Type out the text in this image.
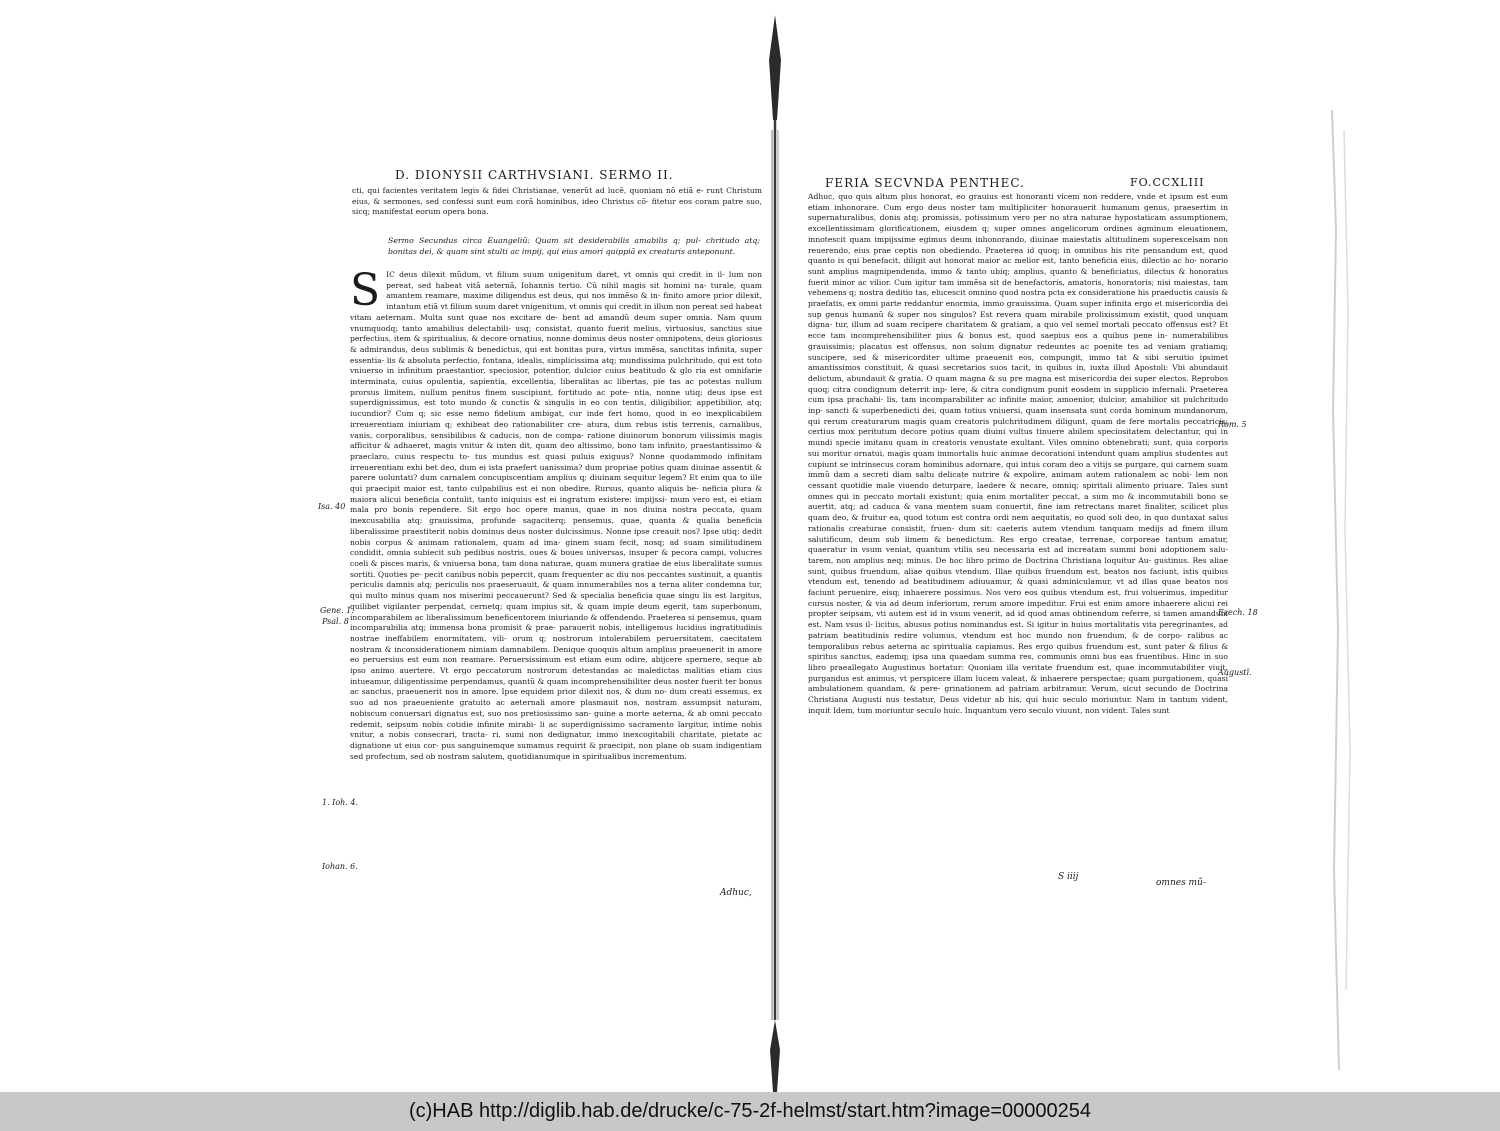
D. DIONYSII CARTHVSIANI. SERMO II.

cti, qui facientes veritatem legis & fidei Christianae, venerũt ad lucẽ, quoniam nõ etiã e- runt Christum eius, & sermones, sed confessi sunt eum corã hominibus, ideo Christus cõ- fitetur eos coram patre suo, sicq; manifestat eorum opera bona.

Sermo Secundus circa Euangeliũ: Quam sit desiderabilis amabilis q; pul- chritudo atq; bonitas dei, & quam sint stulti ac impij, qui eius amori quippiã ex creaturis anteponunt.

S IC deus dilexit mũdum, vt filium suum unigenitum daret, vt omnis qui credit in il- lum non pereat, sed habeat vitã aeternã, Iohannis tertio. Cũ nihil magis sit homini na- turale, quam amantem reamare, maxime diligendus est deus, qui nos immẽso & in- finito amore prior dilexit, intantum etiã vt filium suum daret vnigenitum, vt omnis qui credit in illum non pereat sed habeat vitam aeternam. Multa sunt quae nos excitare de- bent ad amandũ deum super omnia. Nam quum vnumquodq; tanto amabilius delectabili- usq; consistat, quanto fuerit melius, virtuosius, sanctius siue perfectius, item & spiritualius, & decore ornatius, nonne dominus deus noster omnipotens, deus gloriosus & admirandus, deus sublimis & benedictus, qui est bonitas pura, virtus immẽsa, sanctitas infinita, super essentia- lis & absoluta perfectio, fontana, idealis, simplicissima atq; mundissima pulchritudo, qui est toto vniuerso in infinitum praestantior, speciosior, potentior, dulcior cuius beatitudo & glo ria est omnifarie interminata, cuius opulentia, sapientia, excellentia, liberalitas ac libertas, pie tas ac potestas nullum prorsus limitem, nullum penitus finem suscipiunt, fortitudo ac pote- ntia, nonne utiq; deus ipse est superdignissimus, est toto mundo & cunctis & singulis in eo con tentis, diligibilior, appetibilior, atq; iucundior? Cum q; sic esse nemo fidelium ambigat, cur inde fert homo, quod in eo inexplicabilem irreuerentiam iniuriam q; exhibeat deo rationabiliter cre- atura, dum rebus istis terrenis, carnalibus, vanis, corporalibus, sensibilibus & caducis, non de compa- ratione diuinorum bonorum vilissimis magis afficitur & adhaeret, magis vnitur & inten dit, quam deo altissimo, bono tam infinito, praestantissimo & praeclaro, cuius respectu to- tus mundus est quasi puluis exiguus? Nonne quodammodo infinitam irreuerentiam exhi bet deo, dum ei ista praefert uanissima? dum propriae potius quam diuinae assentit & parere uoluntati? dum carnalem concupiscentiam amplius q; diuinam sequitur legem? Et enim qua to ille qui praecipit maior est, tanto culpabilius est ei non obedire. Rursus, quanto aliquis be- neficia plura & maiora alicui beneficia contulit, tanto iniquius est ei ingratum existere: impijssi- mum vero est, ei etiam mala pro bonis rependere. Sit ergo hoc opere manus, quae in nos diuina nostra peccata, quam inexcusabilia atq; grauissima, profunde sagaciterq; pensemus, quae, quanta & qualia beneficia liberalissime praestiterit nobis dominus deus noster dulcissimus. Nonne ipse creauit nos? Ipse utiq; dedit nobis corpus & animam rationalem, quam ad ima- ginem suam fecit, nosq; ad suam similitudinem condidit, omnia subiecit sub pedibus nostris, oues & boues universas, insuper & pecora campi, volucres coeli & pisces maris, & vniuersa bona, tam dona naturae, quam munera gratiae de eius liberalitate sumus sortiti. Quoties pe- pecit canibus nobis pepercit, quam frequenter ac diu nos peccantes sustinuit, a quantis periculis damnis atq; periculis nos praeseruauit, & quam innumerabiles nos a terna aliter condemna tur, qui multo minus quam nos miserimi peccauerunt? Sed & specialia beneficia quae singu lis est largitus, quilibet vigilanter perpendat, cernetq; quam impius sit, & quam impie deum egerit, tam superbonum, incomparabilem ac liberalissimum beneficentorem iniuriando & offendendo. Praeterea si pensemus, quam incomparabilia atq; immensa bona promisit & prae- parauerit nobis, intelligemus lucidius ingratitudinis nostrae ineffabilem enormitatem, vili- orum q; nostrorum intolerabilem peruersitatem, caecitatem nostram & inconsiderationem nimiam damnabilem. Denique quoquis altum amplius praeuenerit in amore eo peruersius est eum non reamare. Peruersissimum est etiam eum odire, abijcere spernere, seque ab ipso animo auertere. Vt ergo peccatorum nostrorum detestandas ac maledictas malitias etiam cius intueamur, diligentissime perpendamus, quantũ & quam incomprehensibiliter deus noster fuerit ter bonus ac sanctus, praeuenerit nos in amore. Ipse equidem prior dilexit nos, & dum no- dum creati essemus, ex suo ad nos praeueniente gratuito ac aeternali amore plasmauit nos, nostram assumpsit naturam, nobiscum conuersari dignatus est, suo nos pretiosissimo san- guine a morte aeterna, & ab omni peccato redemit, seipsum nobis cotidie infinite mirabi- li ac superdignissimo sacramento largitur, intime nobis vnitur, a nobis consecrari, tracta- ri, sumi non dedignatur, immo inexcogitabili charitate, pietate ac dignatione ut eius cor- pus sanguinemque sumamus requirit & praecipit, non plane ob suam indigentiam sed profectum, sed ob nostram salutem, quotidianumque in spiritualibus incrementum.

Isa. 40
Gene. 1.
Psal. 8
1. Ioh. 4.
Iohan. 6.
Adhuc,
FERIA SECVNDA PENTHEC.	FO.CCXLIII

Adhuc, quo quis altum plus honorat, eo grauius est honoranti vicem non reddere, vnde et ipsum est eum etiam inhonorare. Cum ergo deus noster tam multipliciter honorauerit humanum genus, praesertim in supernaturalibus, donis atq; promissis, potissimum vero per no stra naturae hypostaticam assumptionem, excellentissimam glorificationem, eiusdem q; super omnes angelicorum ordines agminum eleuationem, innotescit quam impijssime egimus deum inhonorando, diuinae maiestatis altitudinem superexcelsam non reuerendo, eius prae ceptis non obediendo. Praeterea id quoq; in omnibus his rite pensandum est, quod quanto is qui benefacit, diligit aut honorat maior ac melior est, tanto beneficia eius, dilectio ac ho- norario sunt amplius magnipendenda, immo & tanto ubiq; amplius, quanto & beneficiatus, dilectus & honoratus fuerit minor ac vilior. Cum igitur tam immẽsa sit de benefactoris, amatoris, honoratoris; nisi maiestas, tam vehemens q; nostra deditio tas, elucescit omnino quod nostra pcta ex consideratione his praeductis causis & praefatis, ex omni parte reddantur enormia, immo grauissima. Quam super infinita ergo et misericordia dei sup genus humanũ & super nos singulos? Est revera quam mirabile prolixissimum existit, quod unquam digna- tur, illum ad suam recipere charitatem & gratiam, a quo vel semel mortali peccato offensus est? Et ecce tam incomprehensibiliter pius & bonus est, quod saepius eos a quibus pene in- numerabilibus grauissimis; placatus est offensus, non solum dignatur redeuntes ac poenite tes ad veniam gratiamq; suscipere, sed & misericorditer ultime praeuenit eos, compungit, immo tat & sibi seruitio ipsimet amantissimos constituit, & quasi secretarios suos tacit, in quibus in, iuxta illud Apostoli: Vbi abundauit delictum, abundauit & gratia. O quam magna & su pre magna est misericordia dei super electos. Reprobos quoq; citra condignum deterrit inp- lere, & citra condignum punit eosdem in supplicio infernali. Praeterea cum ipsa prachabi- lis, tam incomparabiliter ac infinite maior, amoenior, dulcior, amabilior sit pulchritudo inp- sancti & superbenedicti dei, quam totius vniuersi, quam insensata sunt corda hominum mundanorum, qui rerum creaturarum magis quam creatoris pulchritudinem diligunt, quam de fere mortalis peccatricis; certius mox peritutum decore potius quam diuini vultus tinuere abilem speciositatem delectantur, qui in mundi specie imitanu quam in creatoris venustate exultant. Viles omnino obtenebrati; sunt, quia corporis sui moritur ornatui, magis quam immortalis huic animae decorationi intendunt quam amplius studentes aut cupiunt se intrinsecus coram hominibus adornare, qui intus coram deo a vitijs se purgare, qui carnem suam immũ dam a secreti diam saltu delicate nutrire & expolire, animam autem rationalem ac nobi- lem non cessant quotidie male viuendo deturpare, laedere & necare, omniq; spiritali alimento priuare. Tales sunt omnes qui in peccato mortali existunt; quia enim mortaliter peccat, a sum mo & incommutabili bono se auertit, atq; ad caduca & vana mentem suam conuertit, fine iam retrectans maret finaliter, scilicet plus quam deo, & fruitur ea, quod totum est contra ordi nem aequitatis, eo quod soli deo, in quo duntaxat salus rationalis creaturae consistit, fruen- dum sit: caeteris autem vtendum tanquam medijs ad finem illum salutificum, deum sub limem & benedictum. Res ergo creatae, terrenae, corporeae tantum amatur, quaeratur in vsum veniat, quantum vtilis seu necessaria est ad increatam summi boni adoptionem salu- tarem, non amplius neq; minus. De hoc libro primo de Doctrina Christiana loquitur Au- gustinus. Res aliae sunt, quibus fruendum, aliae quibus vtendum. Illae quibus fruendum est, beatos nos faciunt, istis quibus vtendum est, tenendo ad beatitudinem adiuuamur, & quasi adminiculamur, vt ad illas quae beatos nos faciunt peruenire, eisq; inhaerere possimus. Nos vero eos quibus vtendum est, frui voluerimus, impeditur cursus noster, & via ad deum inferiorum, rerum amore impeditur. Frui est enim amore inhaerere alicui rei propter seipsam, vti autem est id in vsum venerit, ad id quod amas obtinendum referre, si tamen amandum est. Nam vsus il- licitus, abusus potius nominandus est. Si igitur in huius mortalitatis vita peregrinantes, ad patriam beatitudinis redire volumus, vtendum est hoc mundo non fruendum, & de corpo- ralibus ac temporalibus rebus aeterna ac spiritualia capiamus. Res ergo quibus fruendum est, sunt pater & filius & spiritus sanctus, eademq; ipsa una quaedam summa res, communis omni bus eas fruentibus. Hinc in suo libro praeallegato Augustinus hortatur: Quoniam illa veritate fruendum est, quae incommutabiliter viuit, purgandus est animus, vt perspicere illam lucem valeat, & inhaerere perspectae; quam purgationem, quasi ambulationem quandam, & pere- grinationem ad patriam arbitramur. Verum, sicut secundo de Doctrina Christiana Augusti nus testatur, Deus videtur ab his, qui huic seculo moriuntur. Nam in tantum vident, inquit Idem, tum moriuntur seculo huic. Inquantum vero seculo viuunt, non vident. Tales sunt

Rom. 5
Ezech. 18
Augustĩ.
S iiij
omnes mũ-
(c)HAB http://diglib.hab.de/drucke/c-75-2f-helmst/start.htm?image=00000254
